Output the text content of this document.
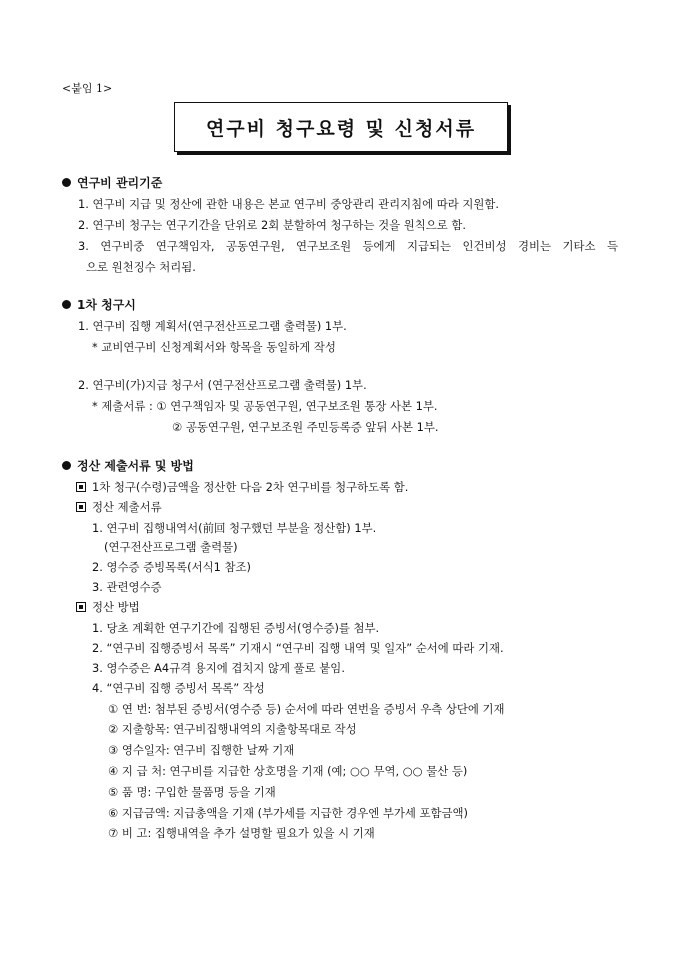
<붙임 1>
연구비 청구요령 및 신청서류
연구비 관리기준
1. 연구비 지급 및 정산에 관한 내용은 본교 연구비 중앙관리 관리지침에 따라 지원함.
2. 연구비 청구는 연구기간을 단위로 2회 분할하여 청구하는 것을 원칙으로 함.
3. 연구비중 연구책임자, 공동연구원, 연구보조원 등에게 지급되는 인건비성 경비는 기타소 득
으로 원천징수 처리됨.
1차 청구시
1. 연구비 집행 계획서(연구전산프로그램 출력물) 1부.
* 교비연구비 신청계획서와 항목을 동일하게 작성
2. 연구비(가)지급 청구서 (연구전산프로그램 출력물) 1부.
* 제출서류 : ① 연구책임자 및 공동연구원, 연구보조원 통장 사본 1부.
② 공동연구원, 연구보조원 주민등록증 앞뒤 사본 1부.
정산 제출서류 및 방법
1차 청구(수령)금액을 정산한 다음 2차 연구비를 청구하도록 함.
정산 제출서류
1. 연구비 집행내역서(前回 청구했던 부분을 정산함) 1부.
(연구전산프로그램 출력물)
2. 영수증 증빙목록(서식1 참조)
3. 관련영수증
정산 방법
1. 당초 계획한 연구기간에 집행된 증빙서(영수증)를 첨부.
2. “연구비 집행증빙서 목록” 기재시 “연구비 집행 내역 및 일자” 순서에 따라 기재.
3. 영수증은 A4규격 용지에 겹치지 않게 풀로 붙임.
4. “연구비 집행 증빙서 목록” 작성
① 연 번: 첨부된 증빙서(영수증 등) 순서에 따라 연번을 증빙서 우측 상단에 기재
② 지출항목: 연구비집행내역의 지출항목대로 작성
③ 영수일자: 연구비 집행한 날짜 기재
④ 지 급 처: 연구비를 지급한 상호명을 기재 (예; ○○ 무역, ○○ 물산 등)
⑤ 품 명: 구입한 물품명 등을 기재
⑥ 지급금액: 지급총액을 기재 (부가세를 지급한 경우엔 부가세 포함금액)
⑦ 비 고: 집행내역을 추가 설명할 필요가 있을 시 기재
